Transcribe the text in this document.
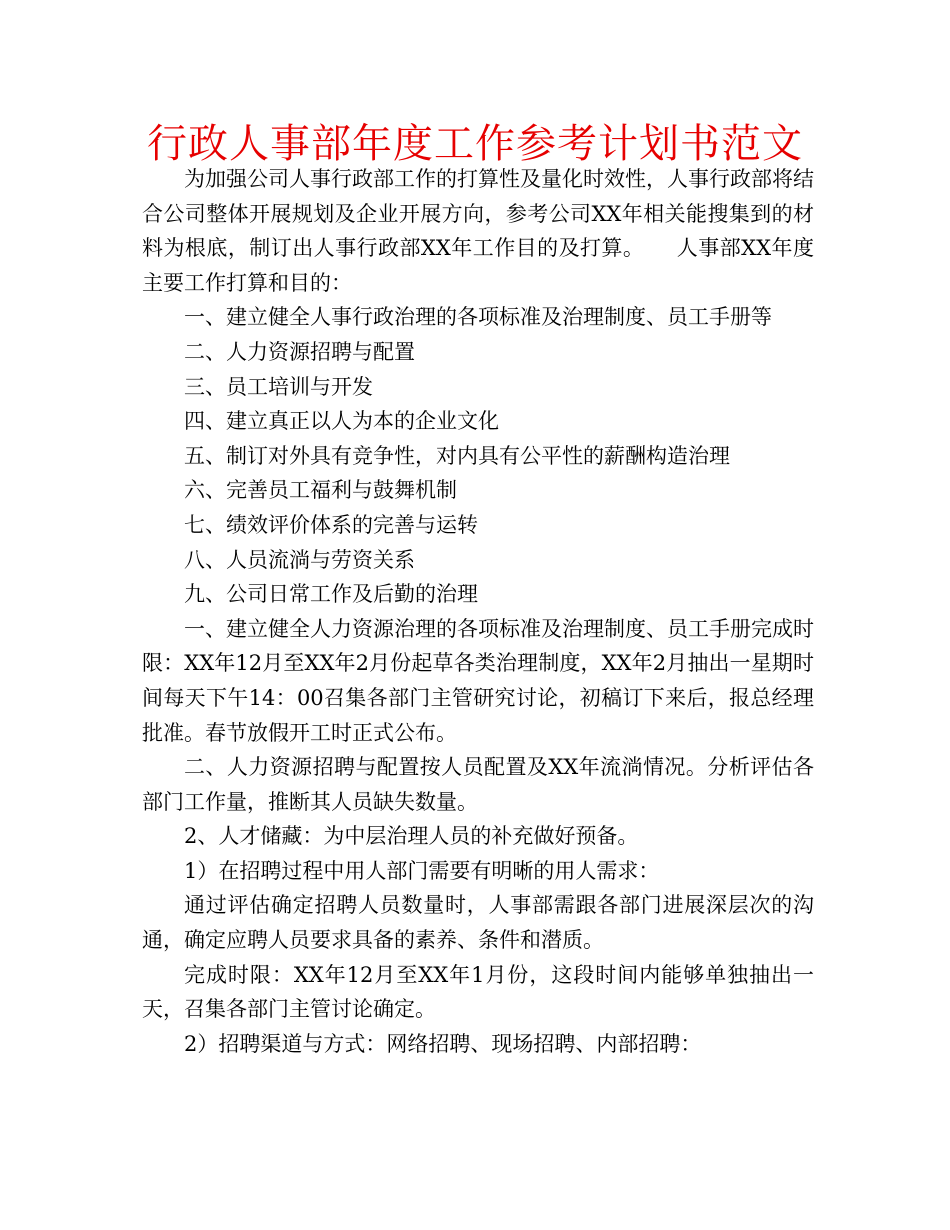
行政人事部年度工作参考计划书范文

为加强公司人事行政部工作的打算性及量化时效性，人事行政部将结合公司整体开展规划及企业开展方向，参考公司XX年相关能搜集到的材料为根底，制订出人事行政部XX年工作目的及打算。　　人事部XX年度主要工作打算和目的：

一、建立健全人事行政治理的各项标准及治理制度、员工手册等

二、人力资源招聘与配置

三、员工培训与开发

四、建立真正以人为本的企业文化

五、制订对外具有竞争性，对内具有公平性的薪酬构造治理

六、完善员工福利与鼓舞机制

七、绩效评价体系的完善与运转

八、人员流淌与劳资关系

九、公司日常工作及后勤的治理

一、建立健全人力资源治理的各项标准及治理制度、员工手册完成时限：XX年12月至XX年2月份起草各类治理制度，XX年2月抽出一星期时间每天下午14：00召集各部门主管研究讨论，初稿订下来后，报总经理批准。春节放假开工时正式公布。

二、人力资源招聘与配置按人员配置及XX年流淌情况。分析评估各部门工作量，推断其人员缺失数量。

2、人才储藏：为中层治理人员的补充做好预备。

1）在招聘过程中用人部门需要有明晰的用人需求：

通过评估确定招聘人员数量时，人事部需跟各部门进展深层次的沟通，确定应聘人员要求具备的素养、条件和潜质。

完成时限：XX年12月至XX年1月份，这段时间内能够单独抽出一天，召集各部门主管讨论确定。

2）招聘渠道与方式：网络招聘、现场招聘、内部招聘：
